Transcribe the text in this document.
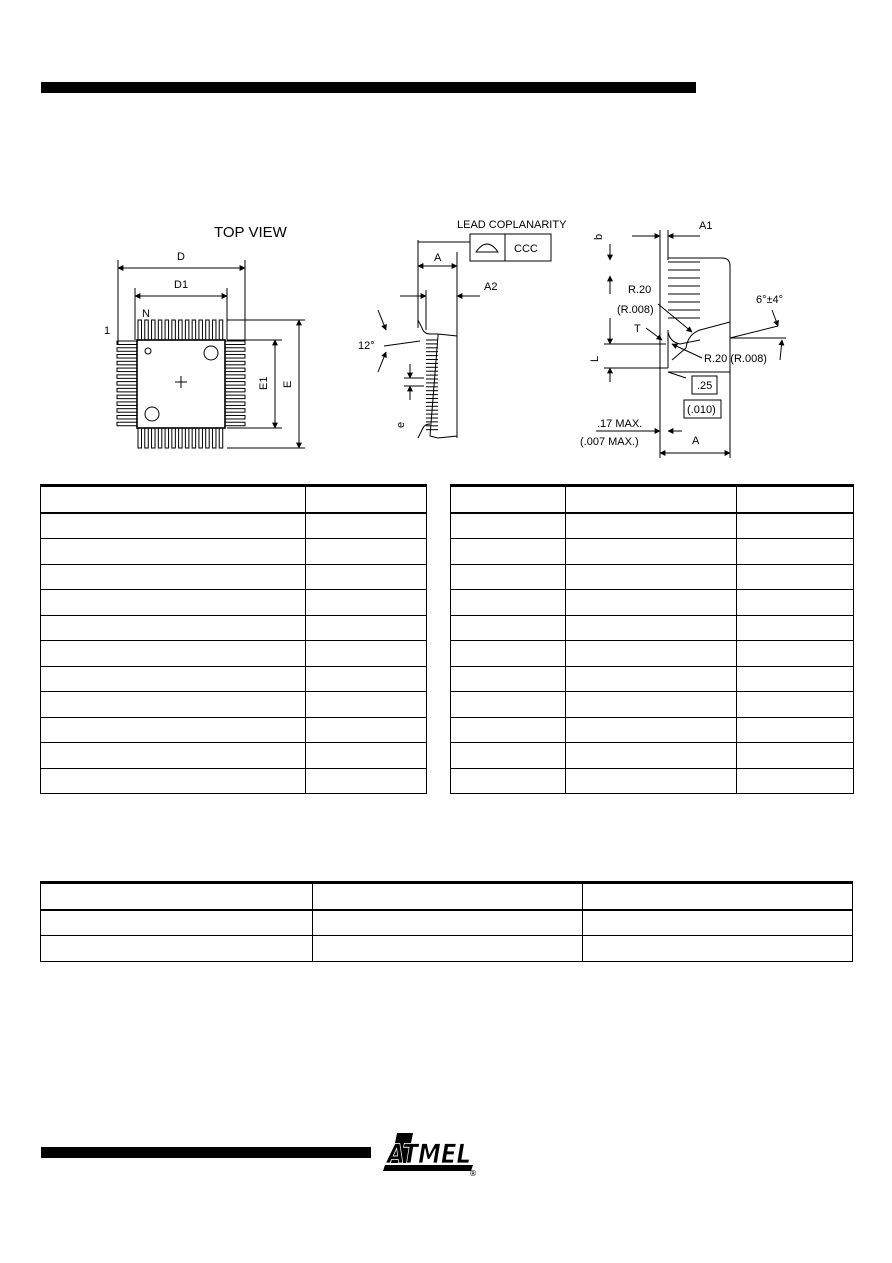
TOP VIEW
D
D1
N
1
E1 E
LEAD COPLANARITY
CCC
A
A2
12°
e
A1
b
R.20
(R.008)
T
L	R.20 (R.008)
6°±4°
.25
(.010)
.17 MAX.
(.007 MAX.)	A

ATMEL
®
